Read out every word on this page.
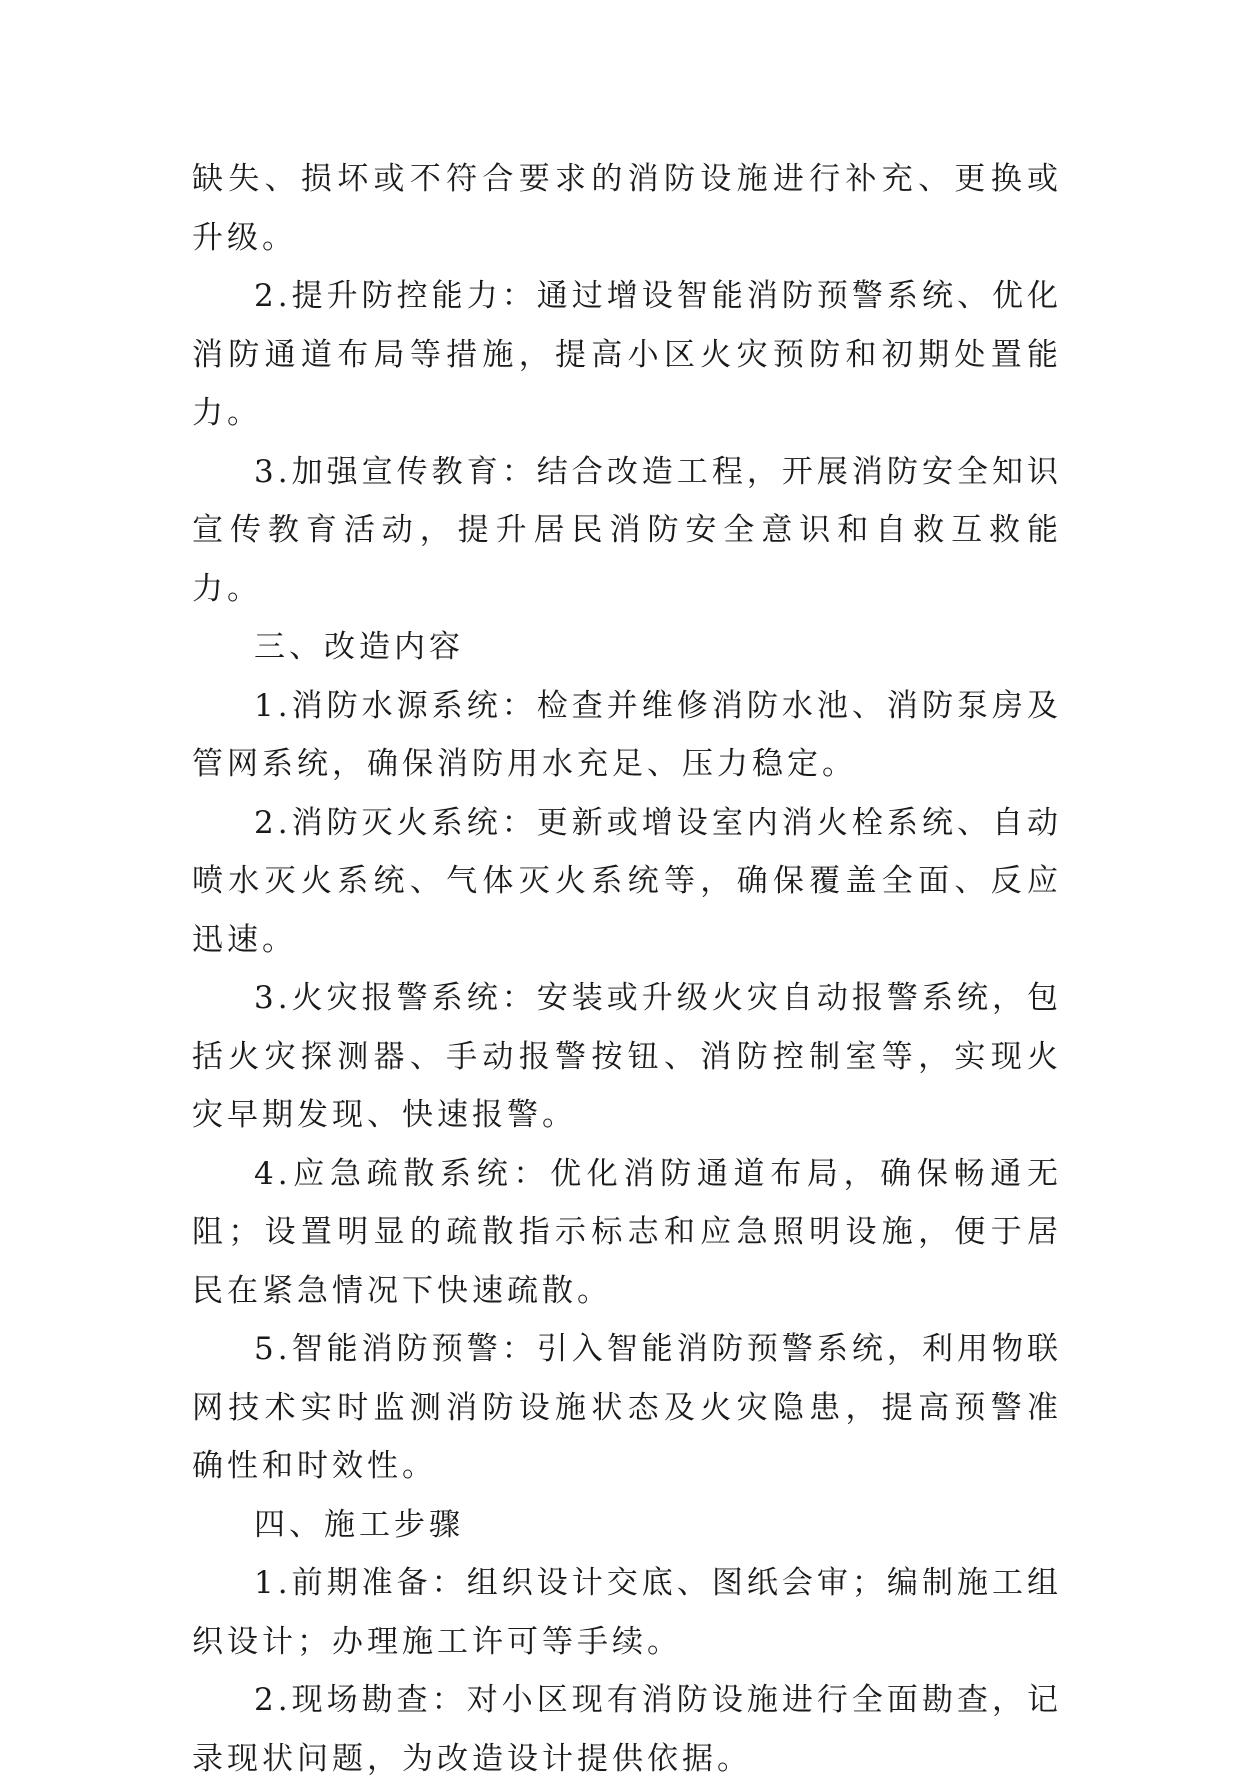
缺失、损坏或不符合要求的消防设施进行补充、更换或升级。

2.提升防控能力：通过增设智能消防预警系统、优化消防通道布局等措施，提高小区火灾预防和初期处置能力。

3.加强宣传教育：结合改造工程，开展消防安全知识宣传教育活动，提升居民消防安全意识和自救互救能力。

三、改造内容

1.消防水源系统：检查并维修消防水池、消防泵房及管网系统，确保消防用水充足、压力稳定。

2.消防灭火系统：更新或增设室内消火栓系统、自动喷水灭火系统、气体灭火系统等，确保覆盖全面、反应迅速。

3.火灾报警系统：安装或升级火灾自动报警系统，包括火灾探测器、手动报警按钮、消防控制室等，实现火灾早期发现、快速报警。

4.应急疏散系统：优化消防通道布局，确保畅通无阻；设置明显的疏散指示标志和应急照明设施，便于居民在紧急情况下快速疏散。

5.智能消防预警：引入智能消防预警系统，利用物联网技术实时监测消防设施状态及火灾隐患，提高预警准确性和时效性。

四、施工步骤

1.前期准备：组织设计交底、图纸会审；编制施工组织设计；办理施工许可等手续。

2.现场勘查：对小区现有消防设施进行全面勘查，记录现状问题，为改造设计提供依据。
